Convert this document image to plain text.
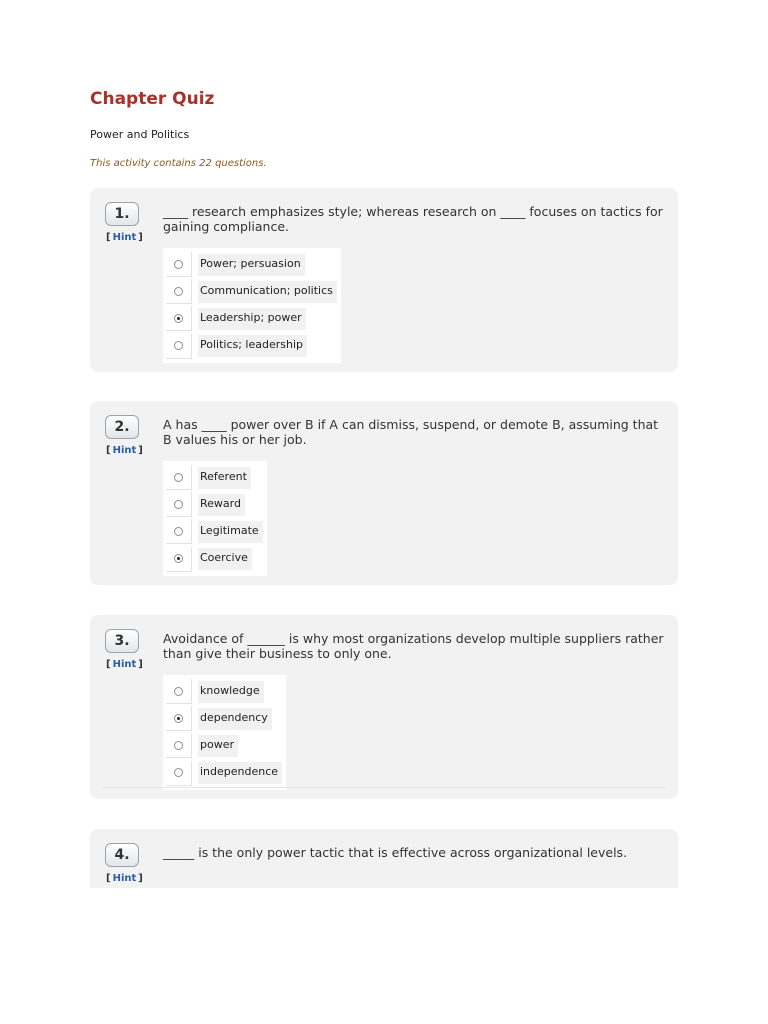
Chapter Quiz
Power and Politics
This activity contains 22 questions.
1.
[ Hint ]
____ research emphasizes style; whereas research on ____ focuses on tactics for gaining compliance.
Power; persuasion
Communication; politics
Leadership; power
Politics; leadership
2.
[ Hint ]
A has ____ power over B if A can dismiss, suspend, or demote B, assuming that B values his or her job.
Referent
Reward
Legitimate
Coercive
3.
[ Hint ]
Avoidance of ______ is why most organizations develop multiple suppliers rather than give their business to only one.
knowledge
dependency
power
independence
4.
[ Hint ]
_____ is the only power tactic that is effective across organizational levels.
